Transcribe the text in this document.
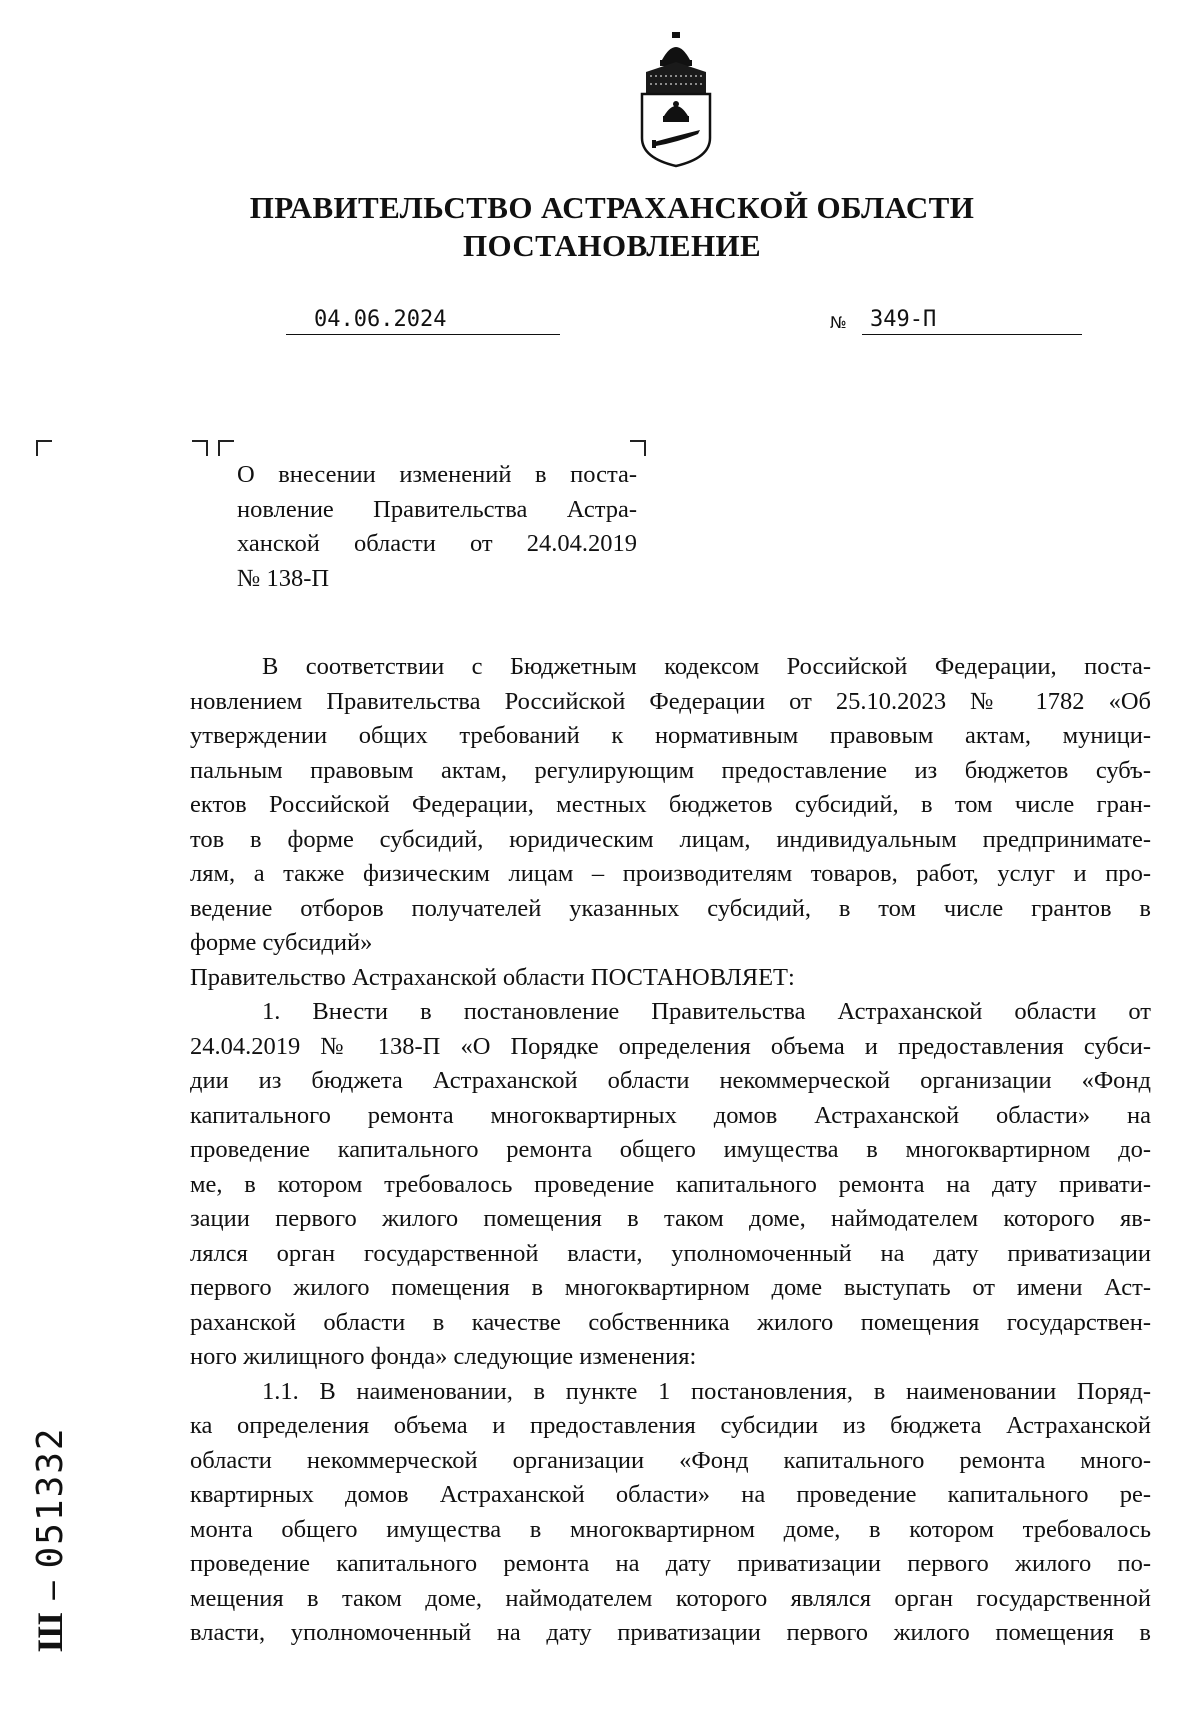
ПРАВИТЕЛЬСТВО АСТРАХАНСКОЙ ОБЛАСТИ
ПОСТАНОВЛЕНИЕ
04.06.2024	№	349-П
О внесении изменений в поста-
новление Правительства Астра-
ханской области от 24.04.2019
№ 138-П
В соответствии с Бюджетным кодексом Российской Федерации, поста-
новлением Правительства Российской Федерации от 25.10.2023 № 1782 «Об
утверждении общих требований к нормативным правовым актам, муници-
пальным правовым актам, регулирующим предоставление из бюджетов субъ-
ектов Российской Федерации, местных бюджетов субсидий, в том числе гран-
тов в форме субсидий, юридическим лицам, индивидуальным предпринимате-
лям, а также физическим лицам – производителям товаров, работ, услуг и про-
ведение отборов получателей указанных субсидий, в том числе грантов в
форме субсидий»
Правительство Астраханской области ПОСТАНОВЛЯЕТ:
1. Внести в постановление Правительства Астраханской области от
24.04.2019 № 138-П «О Порядке определения объема и предоставления субси-
дии из бюджета Астраханской области некоммерческой организации «Фонд
капитального ремонта многоквартирных домов Астраханской области» на
проведение капитального ремонта общего имущества в многоквартирном до-
ме, в котором требовалось проведение капитального ремонта на дату привати-
зации первого жилого помещения в таком доме, наймодателем которого яв-
лялся орган государственной власти, уполномоченный на дату приватизации
первого жилого помещения в многоквартирном доме выступать от имени Аст-
раханской области в качестве собственника жилого помещения государствен-
ного жилищного фонда» следующие изменения:
1.1. В наименовании, в пункте 1 постановления, в наименовании Поряд-
ка определения объема и предоставления субсидии из бюджета Астраханской
области некоммерческой организации «Фонд капитального ремонта много-
квартирных домов Астраханской области» на проведение капитального ре-
монта общего имущества в многоквартирном доме, в котором требовалось
проведение капитального ремонта на дату приватизации первого жилого по-
мещения в таком доме, наймодателем которого являлся орган государственной
власти, уполномоченный на дату приватизации первого жилого помещения в
Ш – 051332
